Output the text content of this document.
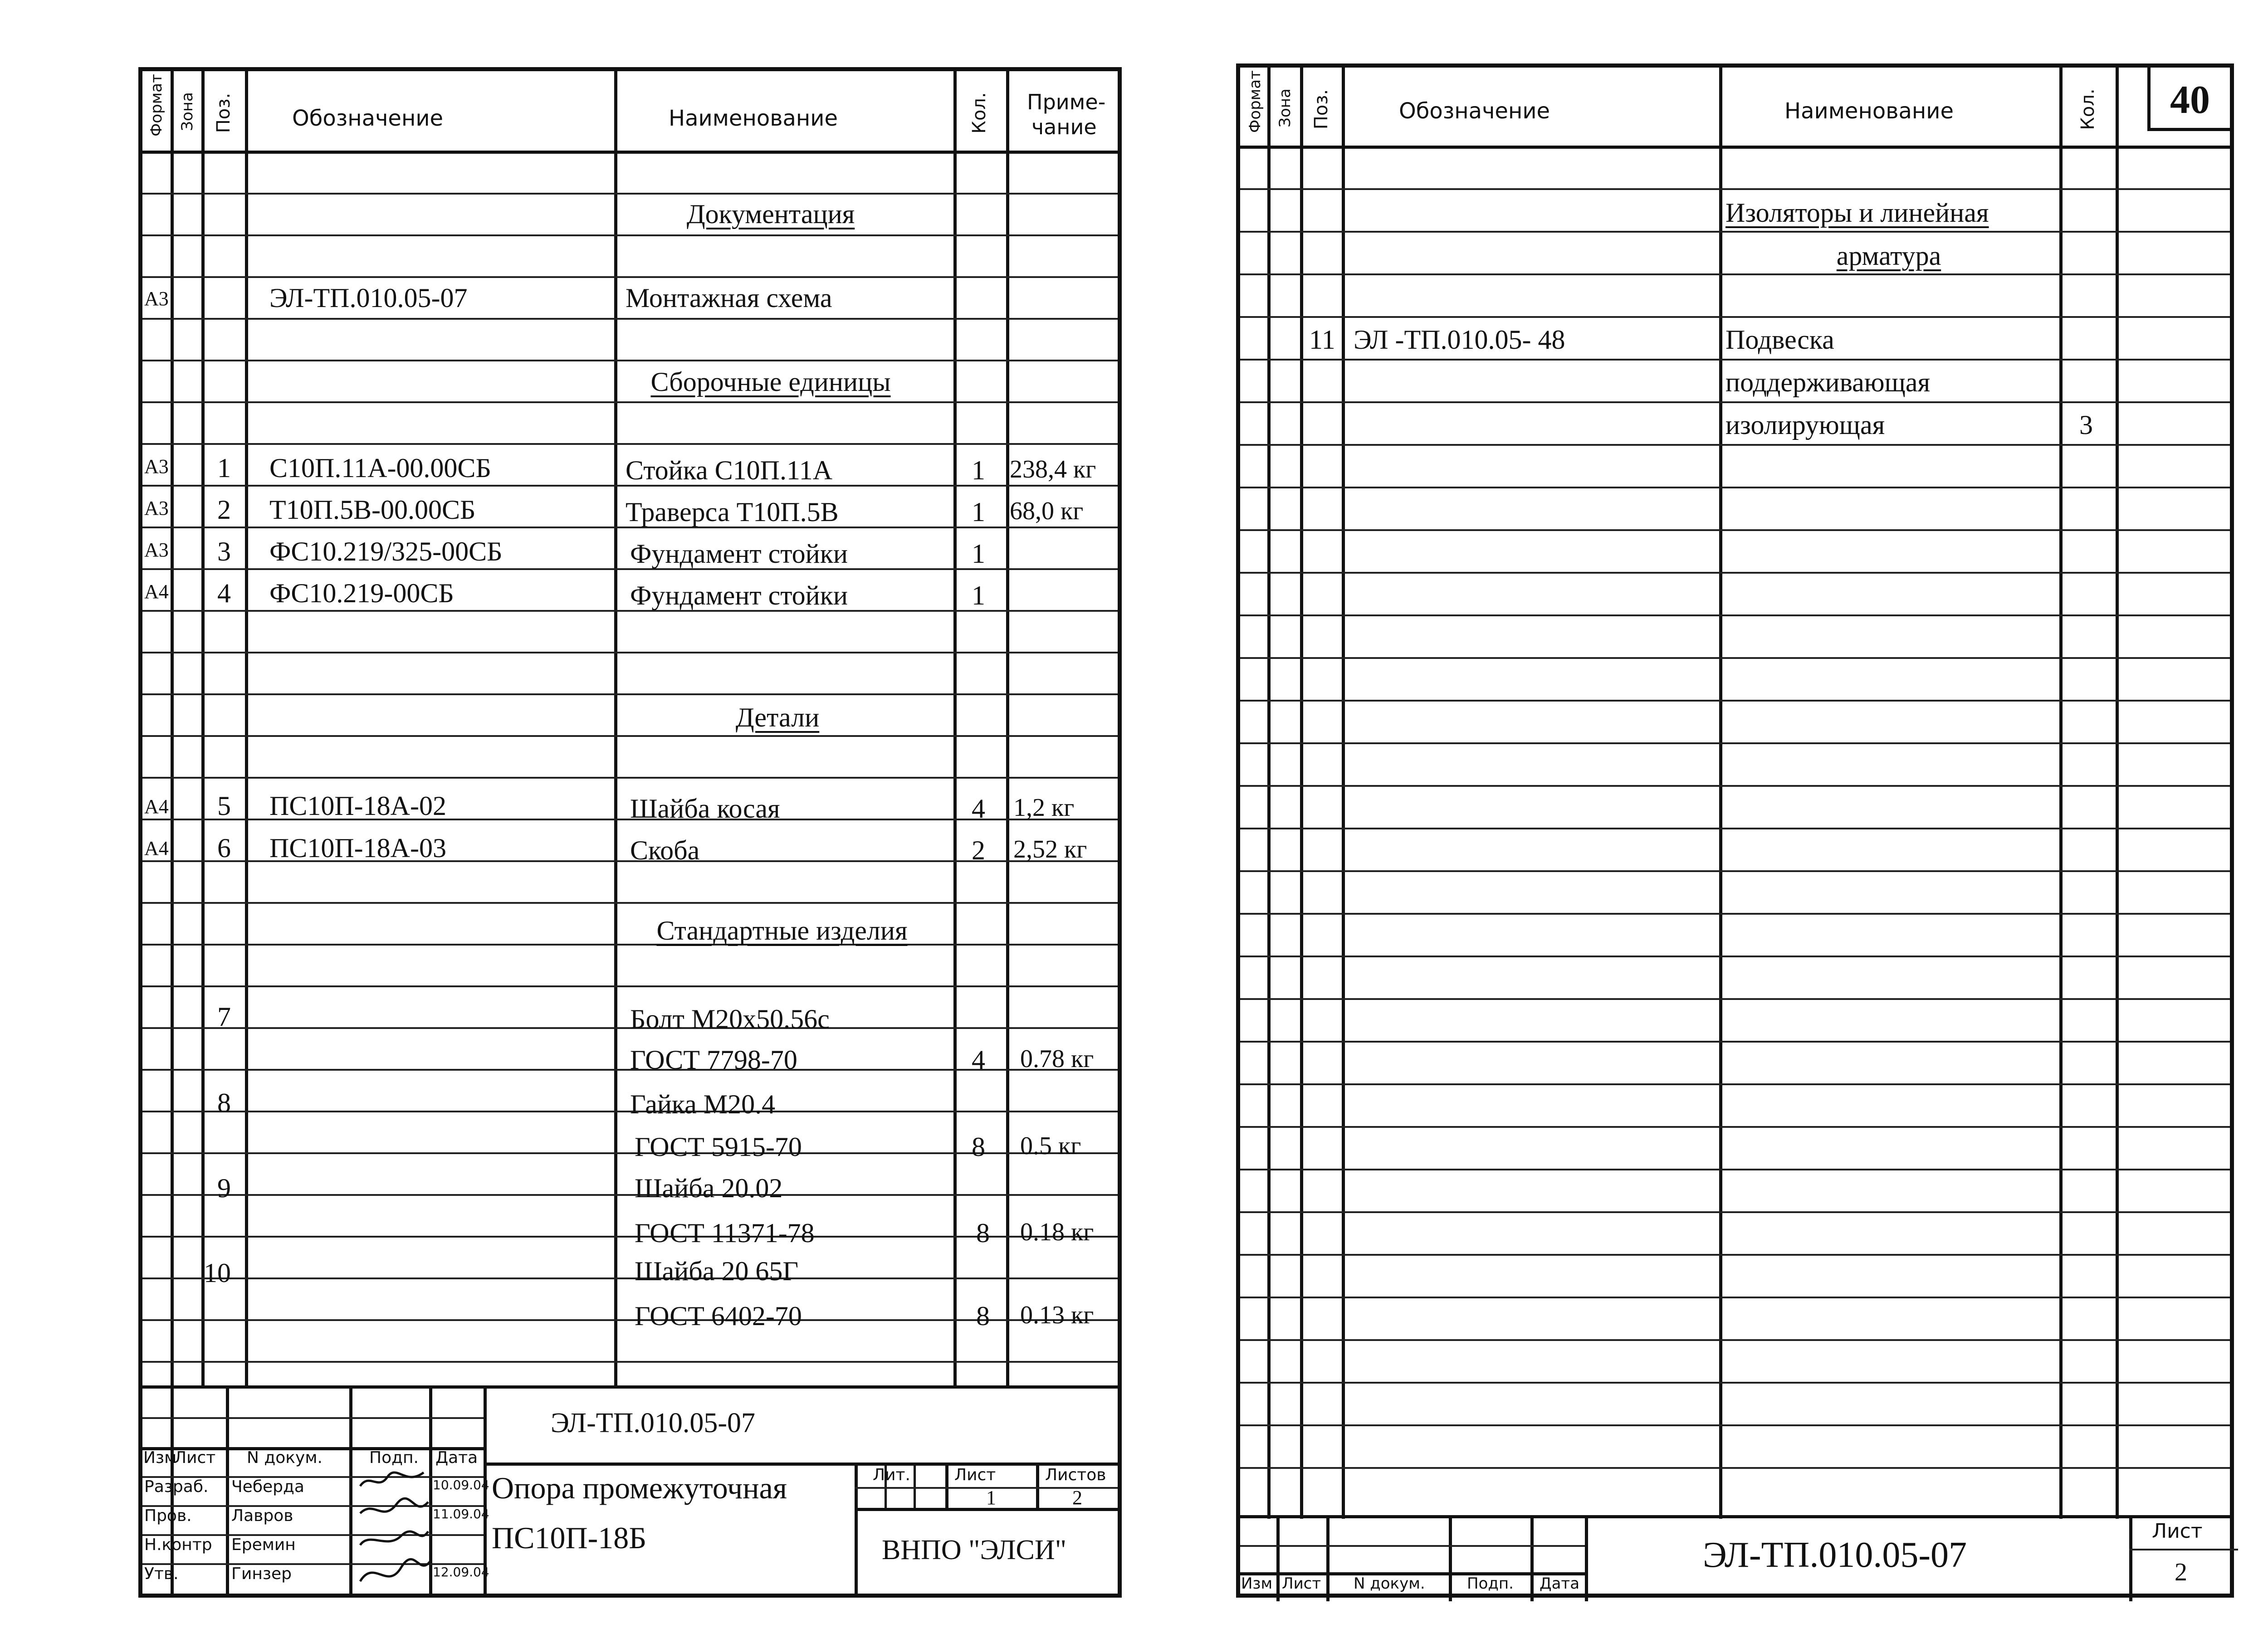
Формат Зона Поз.	Обозначение	Наименование	Кол. Приме-
чание
Документация
А3	ЭЛ-ТП.010.05-07	Монтажная схема
Сборочные единицы
А3 1 С10П.11А-00.00СБ	Стойка С10П.11А	1 238,4 кг
А3 2 Т10П.5В-00.00СБ	Траверса Т10П.5В	1 68,0 кг
А3 3 ФС10.219/325-00СБ	Фундамент стойки	1
А4 4 ФС10.219-00СБ	Фундамент стойки	1
Детали
А4 5 ПС10П-18А-02	Шайба косая	4 1,2 кг
А4 6 ПС10П-18А-03	Скоба	2 2,52 кг
Стандартные изделия
7	Болт М20х50.56с
ГОСТ 7798-70	4 0.78 кг
8	Гайка М20.4
ГОСТ 5915-70	8 0.5 кг
9	Шайба 20.02
ГОСТ 11371-78	8 0.18 кг
10	Шайба 20 65Г
ГОСТ 6402-70	8 0.13 кг
ЭЛ-ТП.010.05-07
Изм
Лист N докум.	Подп. Дата
Разраб. Чеберда	10.09.04
Пров. Лавров	11.09.04
Н.контр Еремин
Утв.	Гинзер	12.09.04
Опора промежуточная
ПС10П-18Б
Лит.	Лист	Листов
1	2
ВНПО "ЭЛСИ"
40
Формат Зона Поз.	Обозначение	Наименование	Кол.
Изоляторы и линейная
арматура
11 ЭЛ -ТП.010.05- 48	Подвеска
поддерживающая
изолирующая	3
Изм Лист N докум.	Подп. Дата
ЭЛ-ТП.010.05-07
Лист
2
